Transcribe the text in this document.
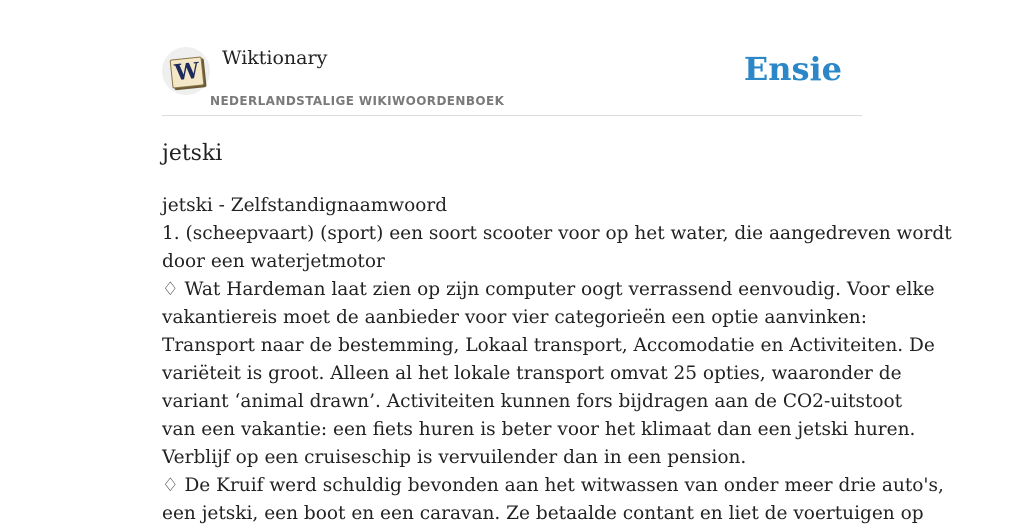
W Wiktionary
NEDERLANDSTALIGE WIKIWOORDENBOEK
Ensie
jetski
jetski - Zelfstandignaamwoord
1. (scheepvaart) (sport) een soort scooter voor op het water, die aangedreven wordt
door een waterjetmotor
♢ Wat Hardeman laat zien op zijn computer oogt verrassend eenvoudig. Voor elke
vakantiereis moet de aanbieder voor vier categorieën een optie aanvinken:
Transport naar de bestemming, Lokaal transport, Accomodatie en Activiteiten. De
variëteit is groot. Alleen al het lokale transport omvat 25 opties, waaronder de
variant ‘animal drawn’. Activiteiten kunnen fors bijdragen aan de CO2-uitstoot
van een vakantie: een fiets huren is beter voor het klimaat dan een jetski huren.
Verblijf op een cruiseschip is vervuilender dan in een pension.
♢ De Kruif werd schuldig bevonden aan het witwassen van onder meer drie auto's,
een jetski, een boot en een caravan. Ze betaalde contant en liet de voertuigen op
